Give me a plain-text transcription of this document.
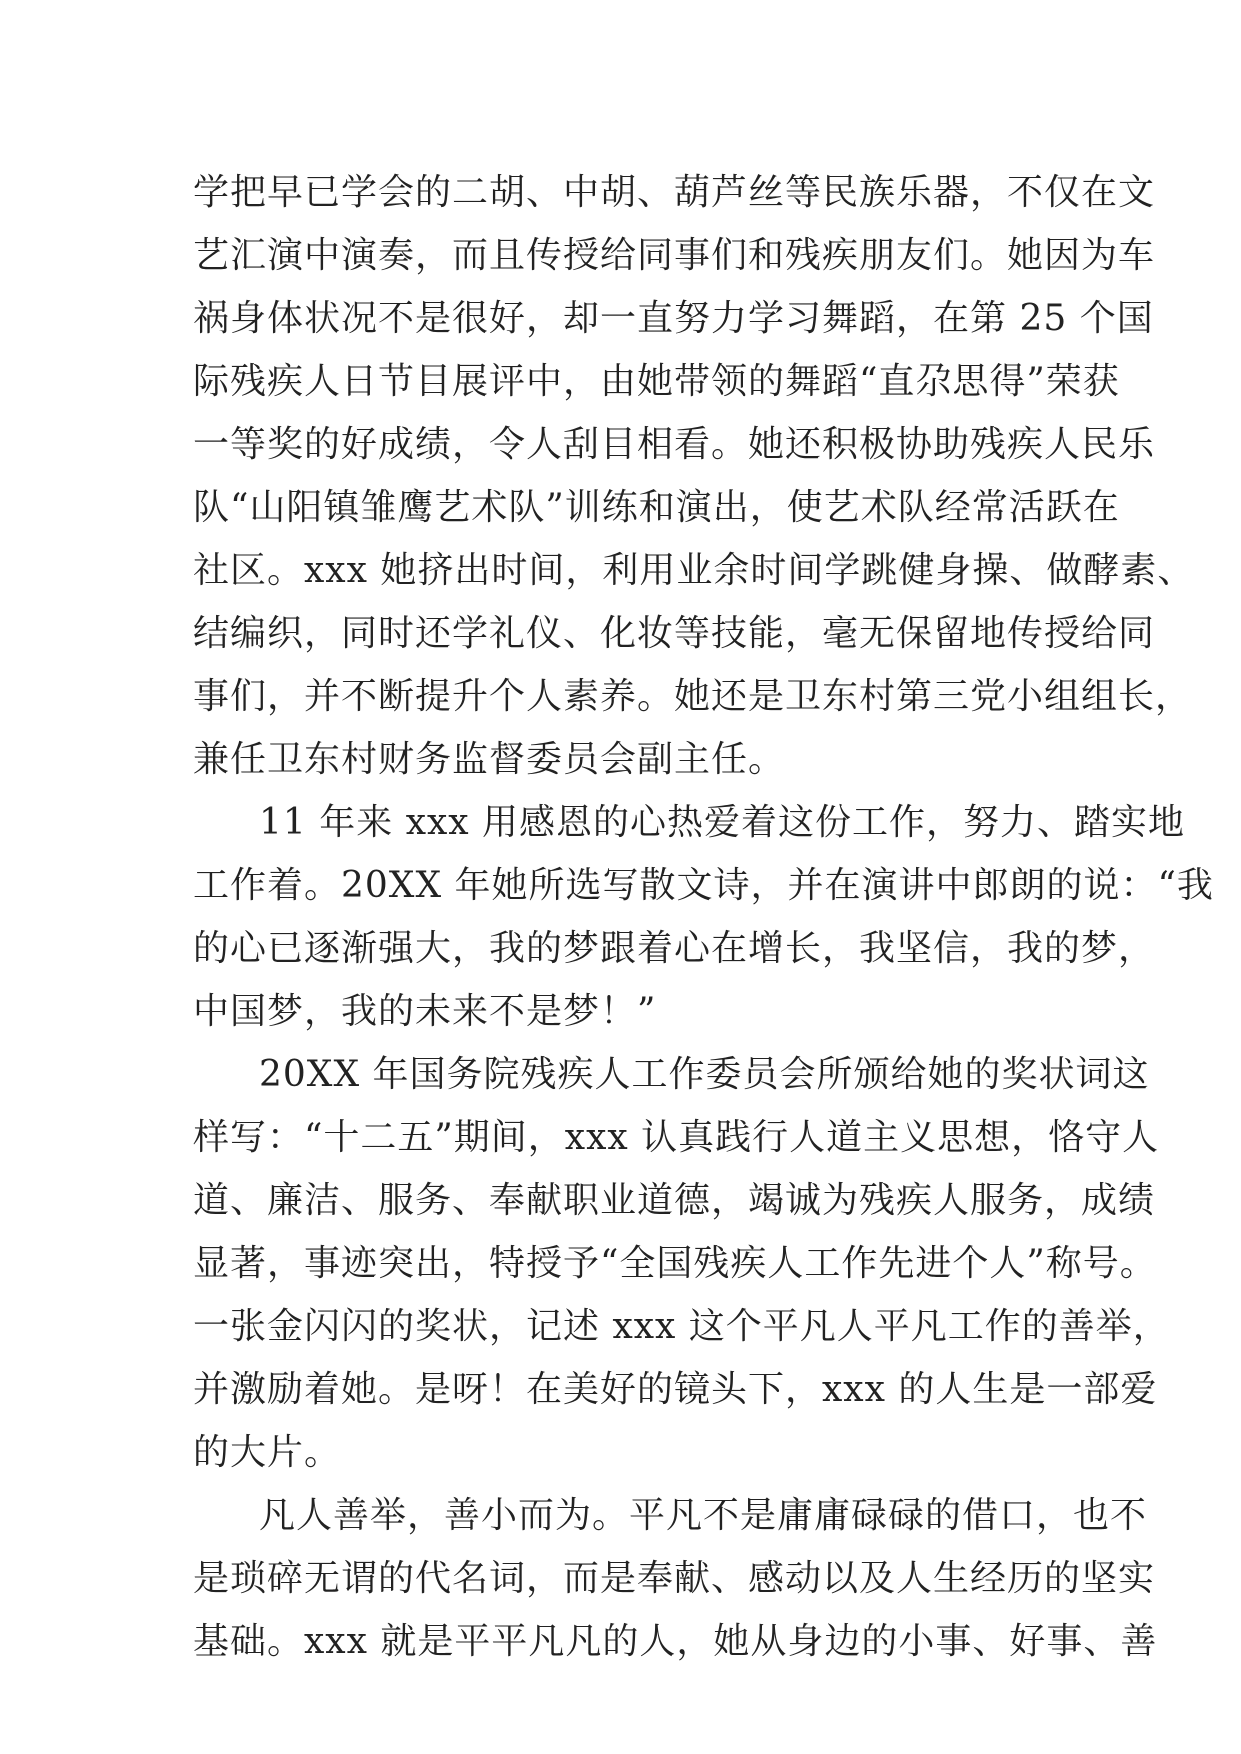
学把早已学会的二胡、中胡、葫芦丝等民族乐器，不仅在文
艺汇演中演奏，而且传授给同事们和残疾朋友们。她因为车
祸身体状况不是很好，却一直努力学习舞蹈，在第 25 个国
际残疾人日节目展评中，由她带领的舞蹈“直尕思得”荣获
一等奖的好成绩，令人刮目相看。她还积极协助残疾人民乐
队“山阳镇雏鹰艺术队”训练和演出，使艺术队经常活跃在
社区。xxx 她挤出时间，利用业余时间学跳健身操、做酵素、
结编织，同时还学礼仪、化妆等技能，毫无保留地传授给同
事们，并不断提升个人素养。她还是卫东村第三党小组组长，
兼任卫东村财务监督委员会副主任。
11 年来 xxx 用感恩的心热爱着这份工作，努力、踏实地
工作着。20XX 年她所选写散文诗，并在演讲中郎朗的说：“我
的心已逐渐强大，我的梦跟着心在增长，我坚信，我的梦，
中国梦，我的未来不是梦！”
20XX 年国务院残疾人工作委员会所颁给她的奖状词这
样写：“十二五”期间，xxx 认真践行人道主义思想，恪守人
道、廉洁、服务、奉献职业道德，竭诚为残疾人服务，成绩
显著，事迹突出，特授予“全国残疾人工作先进个人”称号。
一张金闪闪的奖状，记述 xxx 这个平凡人平凡工作的善举，
并激励着她。是呀！在美好的镜头下，xxx 的人生是一部爱
的大片。
凡人善举，善小而为。平凡不是庸庸碌碌的借口，也不
是琐碎无谓的代名词，而是奉献、感动以及人生经历的坚实
基础。xxx 就是平平凡凡的人，她从身边的小事、好事、善
